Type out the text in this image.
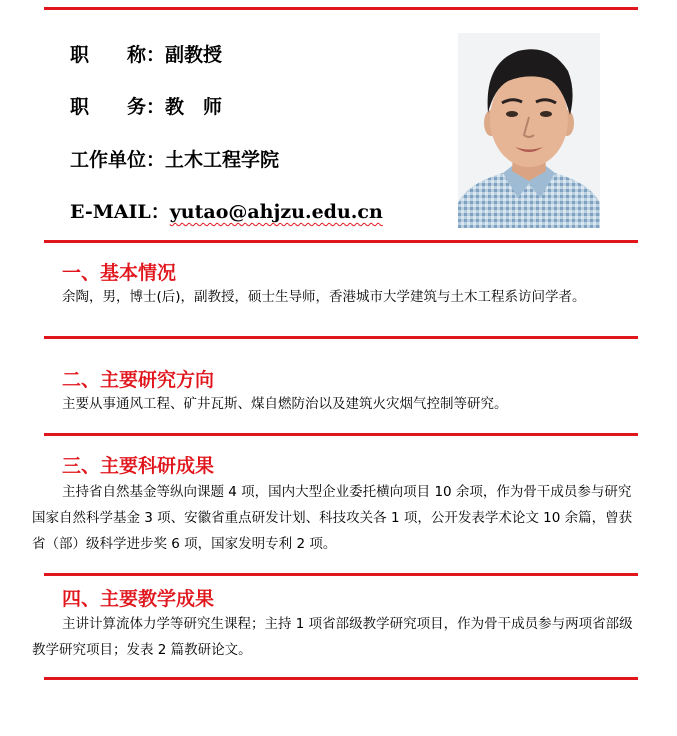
职　　称：副教授
职　　务：教　师
工作单位：土木工程学院
E-MAIL：yutao@ahjzu.edu.cn
一、基本情况
余陶，男，博士(后)，副教授，硕士生导师，香港城市大学建筑与土木工程系访问学者。
二、主要研究方向
主要从事通风工程、矿井瓦斯、煤自燃防治以及建筑火灾烟气控制等研究。
三、主要科研成果
主持省自然基金等纵向课题 4 项，国内大型企业委托横向项目 10 余项，作为骨干成员参与研究国家自然科学基金 3 项、安徽省重点研发计划、科技攻关各 1 项，公开发表学术论文 10 余篇，曾获省（部）级科学进步奖 6 项，国家发明专利 2 项。
四、主要教学成果
主讲计算流体力学等研究生课程；主持 1 项省部级教学研究项目，作为骨干成员参与两项省部级教学研究项目；发表 2 篇教研论文。
